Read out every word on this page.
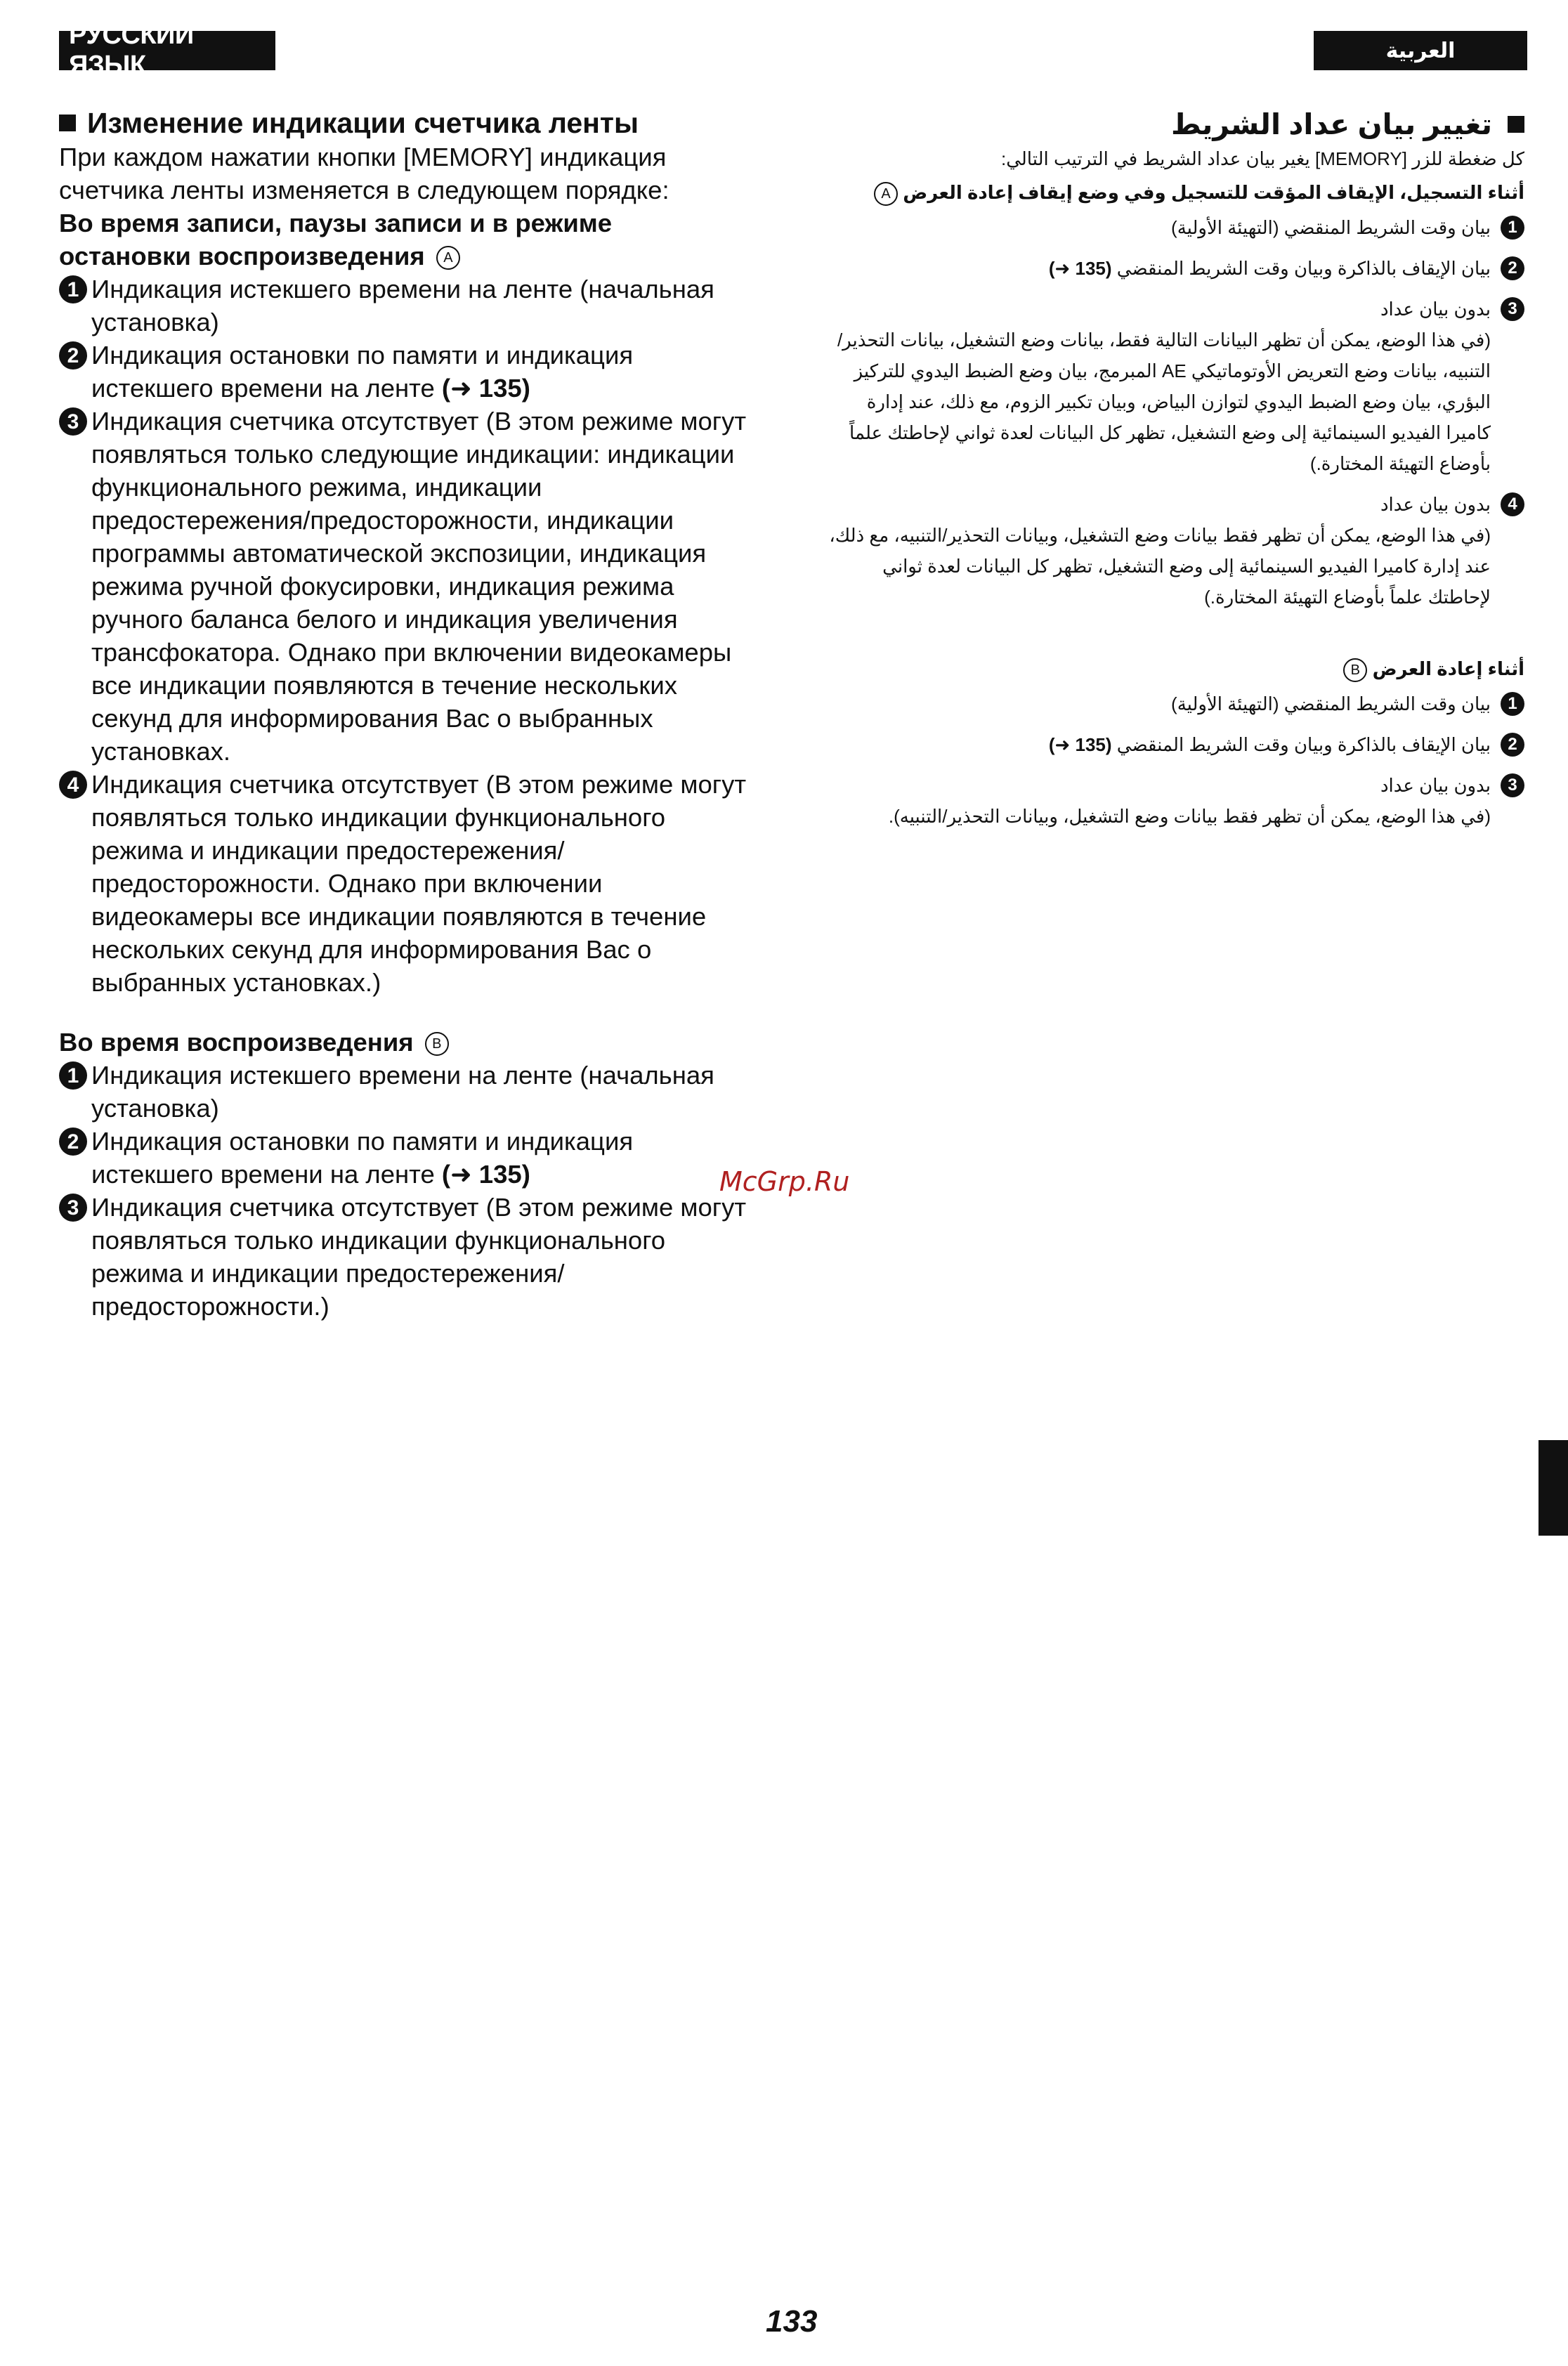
РУССКИЙ ЯЗЫК	العربية
Изменение индикации счетчика ленты
При каждом нажатии кнопки [MEMORY] индикация счетчика ленты изменяется в следующем порядке:
Во время записи, паузы записи и в режиме остановки воспроизведения A
1 Индикация истекшего времени на ленте (начальная установка)
2 Индикация остановки по памяти и индикация истекшего времени на ленте (➜ 135)
3 Индикация счетчика отсутствует (В этом режиме могут появляться только следующие индикации: индикации функционального режима, индикации предостережения/предосторожности, индикации программы автоматической экспозиции, индикация режима ручной фокусировки, индикация режима ручного баланса белого и индикация увеличения трансфокатора. Однако при включении видеокамеры все индикации появляются в течение нескольких секунд для информирования Вас о выбранных установках.
4 Индикация счетчика отсутствует (В этом режиме могут появляться только индикации функционального режима и индикации предостережения/предосторожности. Однако при включении видеокамеры все индикации появляются в течение нескольких секунд для информирования Вас о выбранных установках.)
Во время воспроизведения B
1 Индикация истекшего времени на ленте (начальная установка)
2 Индикация остановки по памяти и индикация истекшего времени на ленте (➜ 135)
3 Индикация счетчика отсутствует (В этом режиме могут появляться только индикации функционального режима и индикации предостережения/предосторожности.)
تغيير بيان عداد الشريط
كل ضغطة للزر [MEMORY] يغير بيان عداد الشريط في الترتيب التالي:
أثناء التسجيل، الإيقاف المؤقت للتسجيل وفي وضع إيقاف إعادة العرض A
1
بيان وقت الشريط المنقضي (التهيئة الأولية)
2
بيان الإيقاف بالذاكرة وبيان وقت الشريط المنقضي (135 ➜)
3
بدون بيان عداد

(في هذا الوضع، يمكن أن تظهر البيانات التالية فقط، بيانات وضع التشغيل، بيانات التحذير/التنبيه، بيانات وضع التعريض الأوتوماتيكي AE المبرمج، بيان وضع الضبط اليدوي للتركيز البؤري، بيان وضع الضبط اليدوي لتوازن البياض، وبيان تكبير الزوم، مع ذلك، عند إدارة كاميرا الفيديو السينمائية إلى وضع التشغيل، تظهر كل البيانات لعدة ثواني لإحاطتك علماً بأوضاع التهيئة المختارة.)

4
بدون بيان عداد

(في هذا الوضع، يمكن أن تظهر فقط بيانات وضع التشغيل، وبيانات التحذير/التنبيه، مع ذلك، عند إدارة كاميرا الفيديو السينمائية إلى وضع التشغيل، تظهر كل البيانات لعدة ثواني لإحاطتك علماً بأوضاع التهيئة المختارة.)

أثناء إعادة العرض B
1
بيان وقت الشريط المنقضي (التهيئة الأولية)
2
بيان الإيقاف بالذاكرة وبيان وقت الشريط المنقضي (135 ➜)
3
بدون بيان عداد

(في هذا الوضع، يمكن أن تظهر فقط بيانات وضع التشغيل، وبيانات التحذير/التنبيه).

McGrp.Ru
133
